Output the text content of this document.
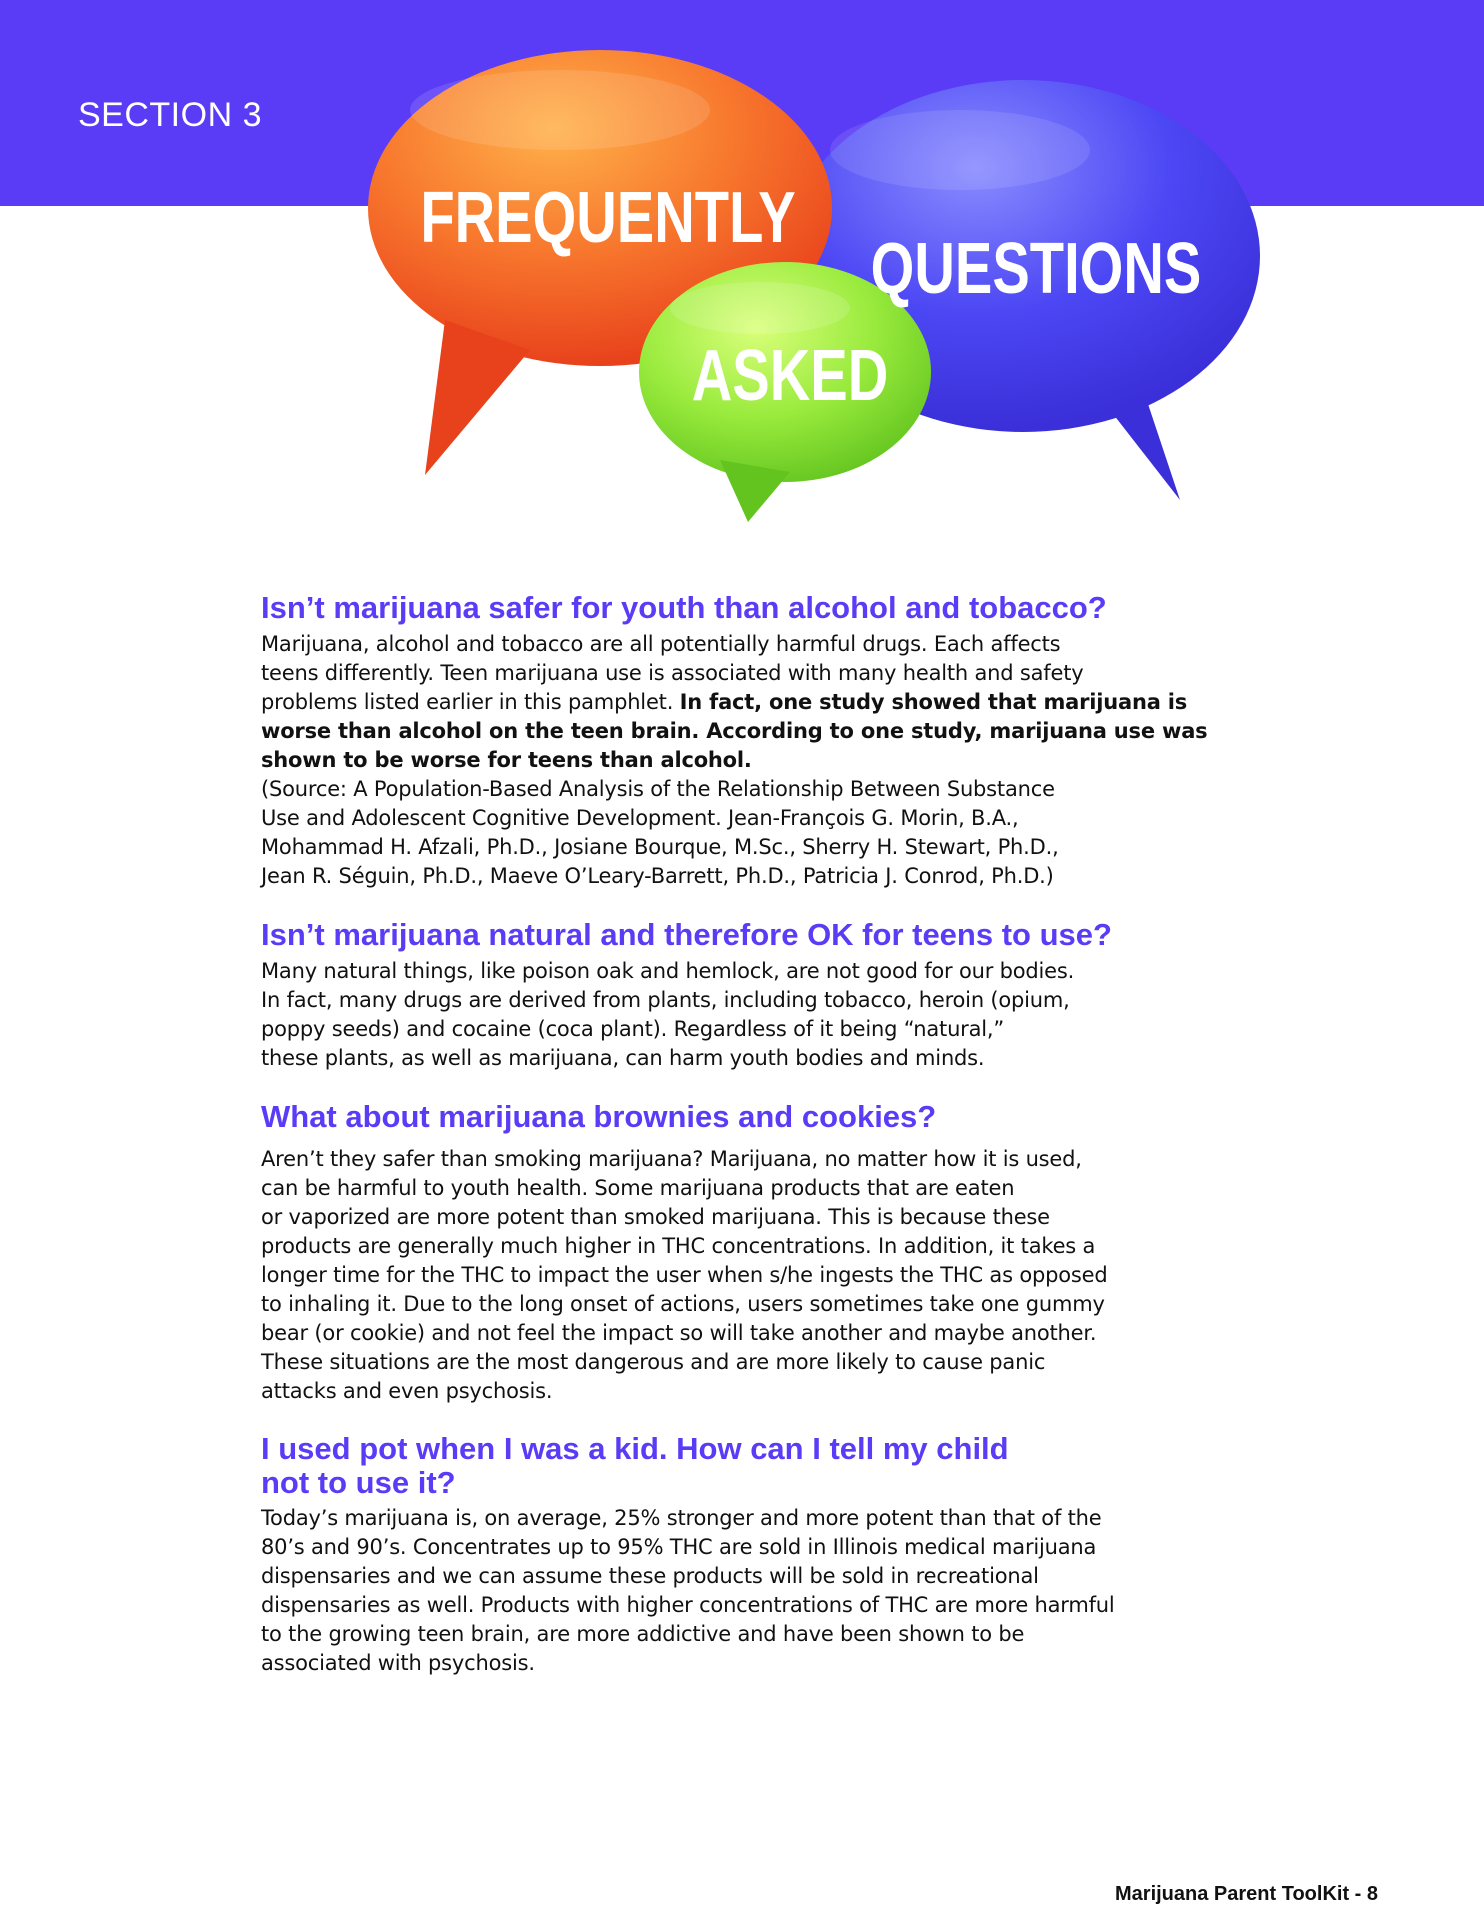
SECTION 3
FREQUENTLY
QUESTIONS
ASKED
Isn’t marijuana safer for youth than alcohol and tobacco?

Marijuana, alcohol and tobacco are all potentially harmful drugs. Each affects
teens differently. Teen marijuana use is associated with many health and safety
problems listed earlier in this pamphlet. In fact, one study showed that marijuana is
worse than alcohol on the teen brain. According to one study, marijuana use was
shown to be worse for teens than alcohol.

(Source: A Population-Based Analysis of the Relationship Between Substance
Use and Adolescent Cognitive Development. Jean-François G. Morin, B.A.,
Mohammad H. Afzali, Ph.D., Josiane Bourque, M.Sc., Sherry H. Stewart, Ph.D.,
Jean R. Séguin, Ph.D., Maeve O’Leary-Barrett, Ph.D., Patricia J. Conrod, Ph.D.)

Isn’t marijuana natural and therefore OK for teens to use?

Many natural things, like poison oak and hemlock, are not good for our bodies.
In fact, many drugs are derived from plants, including tobacco, heroin (opium,
poppy seeds) and cocaine (coca plant). Regardless of it being “natural,”
these plants, as well as marijuana, can harm youth bodies and minds.

What about marijuana brownies and cookies?

Aren’t they safer than smoking marijuana? Marijuana, no matter how it is used,
can be harmful to youth health. Some marijuana products that are eaten
or vaporized are more potent than smoked marijuana. This is because these
products are generally much higher in THC concentrations. In addition, it takes a
longer time for the THC to impact the user when s/he ingests the THC as opposed
to inhaling it. Due to the long onset of actions, users sometimes take one gummy
bear (or cookie) and not feel the impact so will take another and maybe another.
These situations are the most dangerous and are more likely to cause panic
attacks and even psychosis.

I used pot when I was a kid. How can I tell my child
not to use it?

Today’s marijuana is, on average, 25% stronger and more potent than that of the
80’s and 90’s. Concentrates up to 95% THC are sold in Illinois medical marijuana
dispensaries and we can assume these products will be sold in recreational
dispensaries as well. Products with higher concentrations of THC are more harmful
to the growing teen brain, are more addictive and have been shown to be
associated with psychosis.

Marijuana Parent ToolKit - 8
